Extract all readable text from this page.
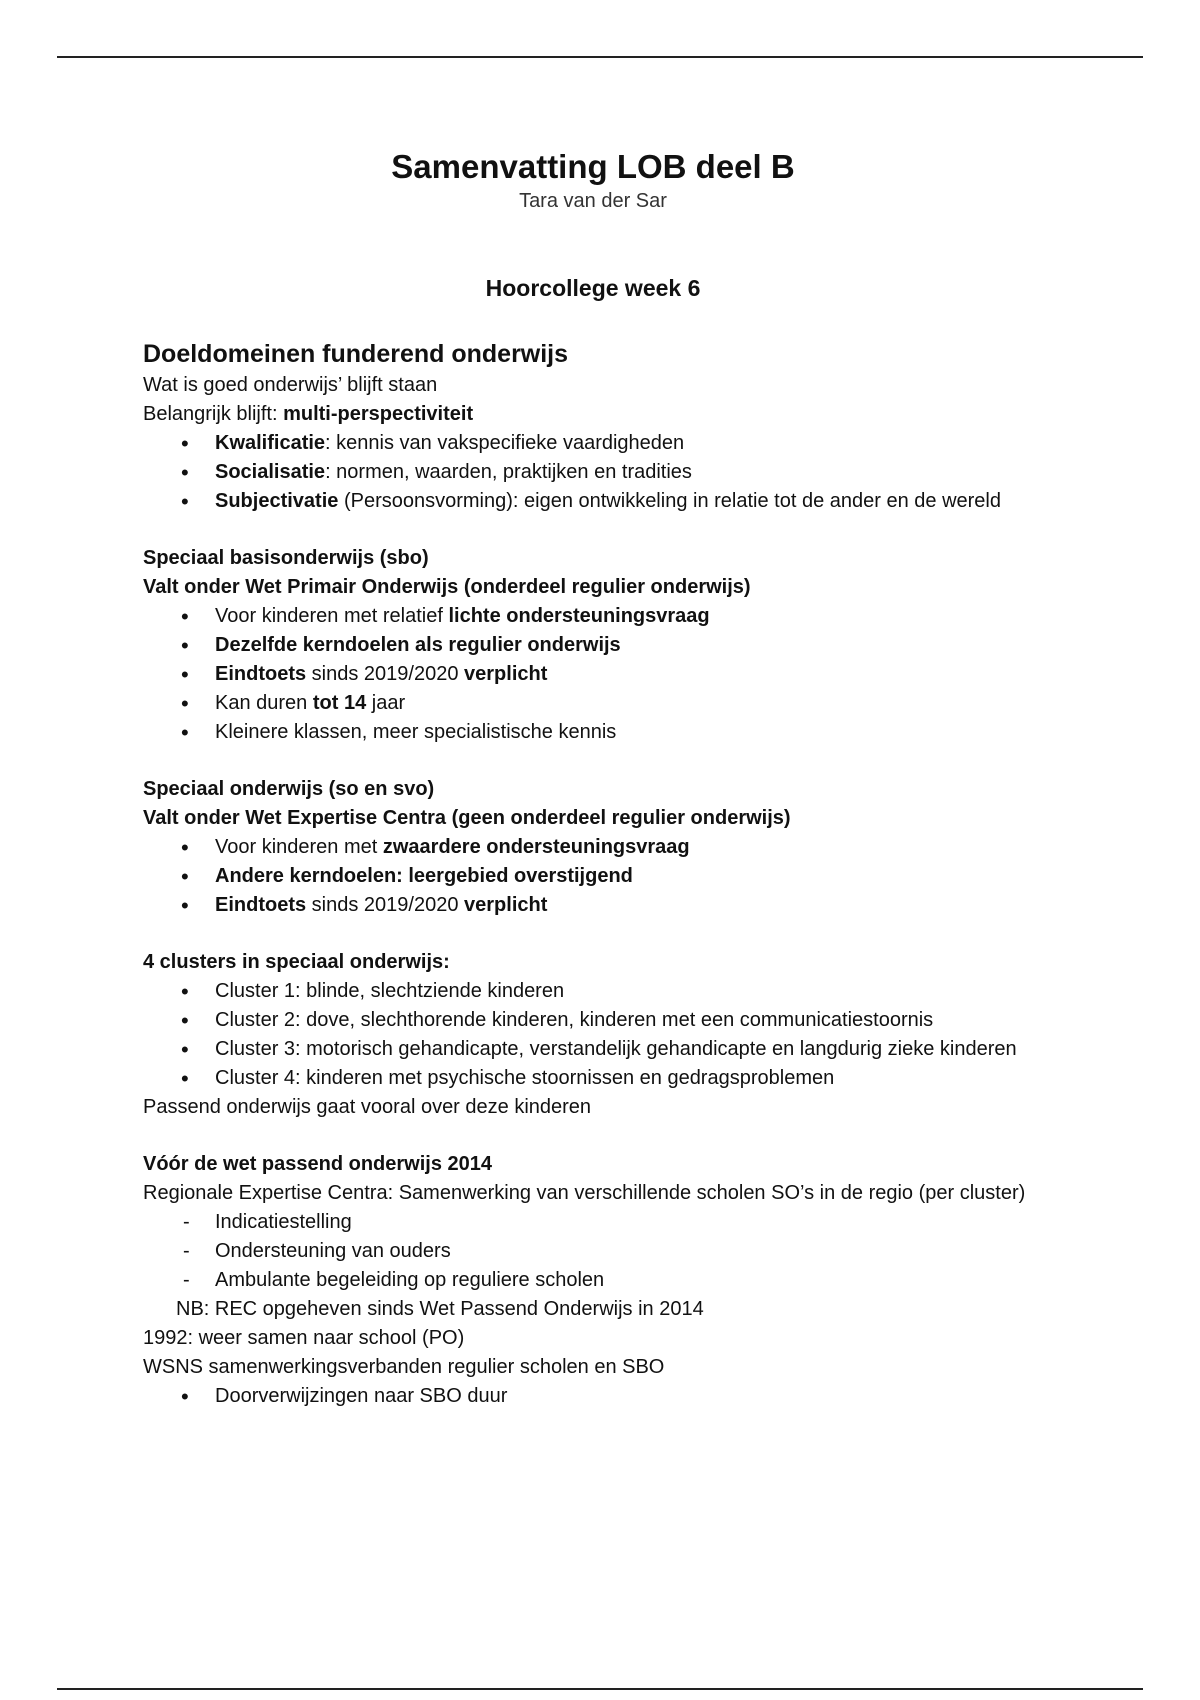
Samenvatting LOB deel B
Tara van der Sar
Hoorcollege week 6
Doeldomeinen funderend onderwijs
Wat is goed onderwijs’ blijft staan
Belangrijk blijft: multi-perspectiviteit
• Kwalificatie: kennis van vakspecifieke vaardigheden
• Socialisatie: normen, waarden, praktijken en tradities
• Subjectivatie (Persoonsvorming): eigen ontwikkeling in relatie tot de ander en de wereld
Speciaal basisonderwijs (sbo)
Valt onder Wet Primair Onderwijs (onderdeel regulier onderwijs)
• Voor kinderen met relatief lichte ondersteuningsvraag
• Dezelfde kerndoelen als regulier onderwijs
• Eindtoets sinds 2019/2020 verplicht
• Kan duren tot 14 jaar
• Kleinere klassen, meer specialistische kennis
Speciaal onderwijs (so en svo)
Valt onder Wet Expertise Centra (geen onderdeel regulier onderwijs)
• Voor kinderen met zwaardere ondersteuningsvraag
• Andere kerndoelen: leergebied overstijgend
• Eindtoets sinds 2019/2020 verplicht
4 clusters in speciaal onderwijs:
• Cluster 1: blinde, slechtziende kinderen
• Cluster 2: dove, slechthorende kinderen, kinderen met een communicatiestoornis
• Cluster 3: motorisch gehandicapte, verstandelijk gehandicapte en langdurig zieke kinderen
• Cluster 4: kinderen met psychische stoornissen en gedragsproblemen
Passend onderwijs gaat vooral over deze kinderen
Vóór de wet passend onderwijs 2014
Regionale Expertise Centra: Samenwerking van verschillende scholen SO’s in de regio (per cluster)
- Indicatiestelling
- Ondersteuning van ouders
- Ambulante begeleiding op reguliere scholen
NB: REC opgeheven sinds Wet Passend Onderwijs in 2014
1992: weer samen naar school (PO)
WSNS samenwerkingsverbanden regulier scholen en SBO
• Doorverwijzingen naar SBO duur
